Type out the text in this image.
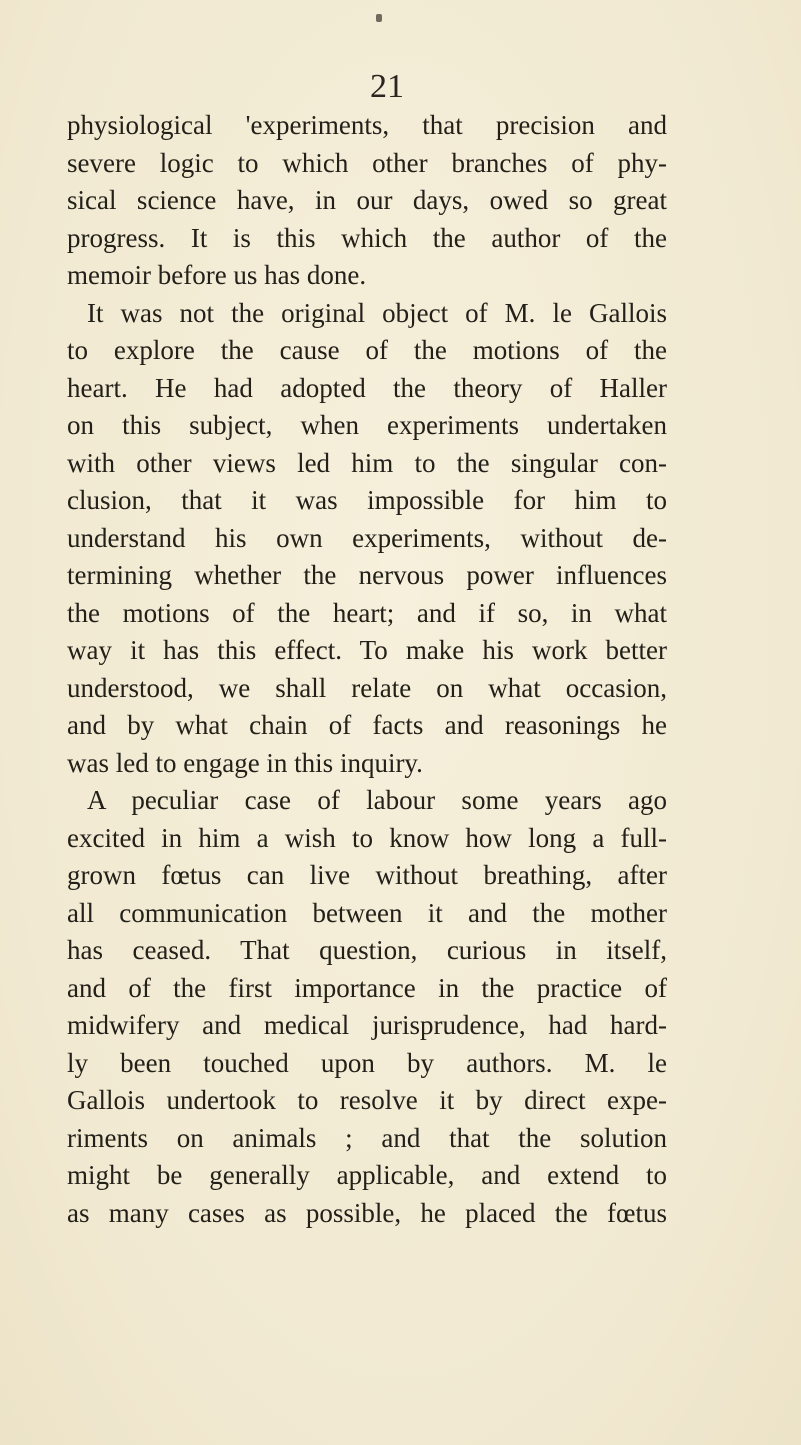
21
physiological 'experiments, that precision and
severe logic to which other branches of phy-
sical science have, in our days, owed so great
progress. It is this which the author of the
memoir before us has done.
It was not the original object of M. le Gallois
to explore the cause of the motions of the
heart. He had adopted the theory of Haller
on this subject, when experiments undertaken
with other views led him to the singular con-
clusion, that it was impossible for him to
understand his own experiments, without de-
termining whether the nervous power influences
the motions of the heart; and if so, in what
way it has this effect. To make his work better
understood, we shall relate on what occasion,
and by what chain of facts and reasonings he
was led to engage in this inquiry.
A peculiar case of labour some years ago
excited in him a wish to know how long a full-
grown fœtus can live without breathing, after
all communication between it and the mother
has ceased. That question, curious in itself,
and of the first importance in the practice of
midwifery and medical jurisprudence, had hard-
ly been touched upon by authors. M. le
Gallois undertook to resolve it by direct expe-
riments on animals ; and that the solution
might be generally applicable, and extend to
as many cases as possible, he placed the fœtus
